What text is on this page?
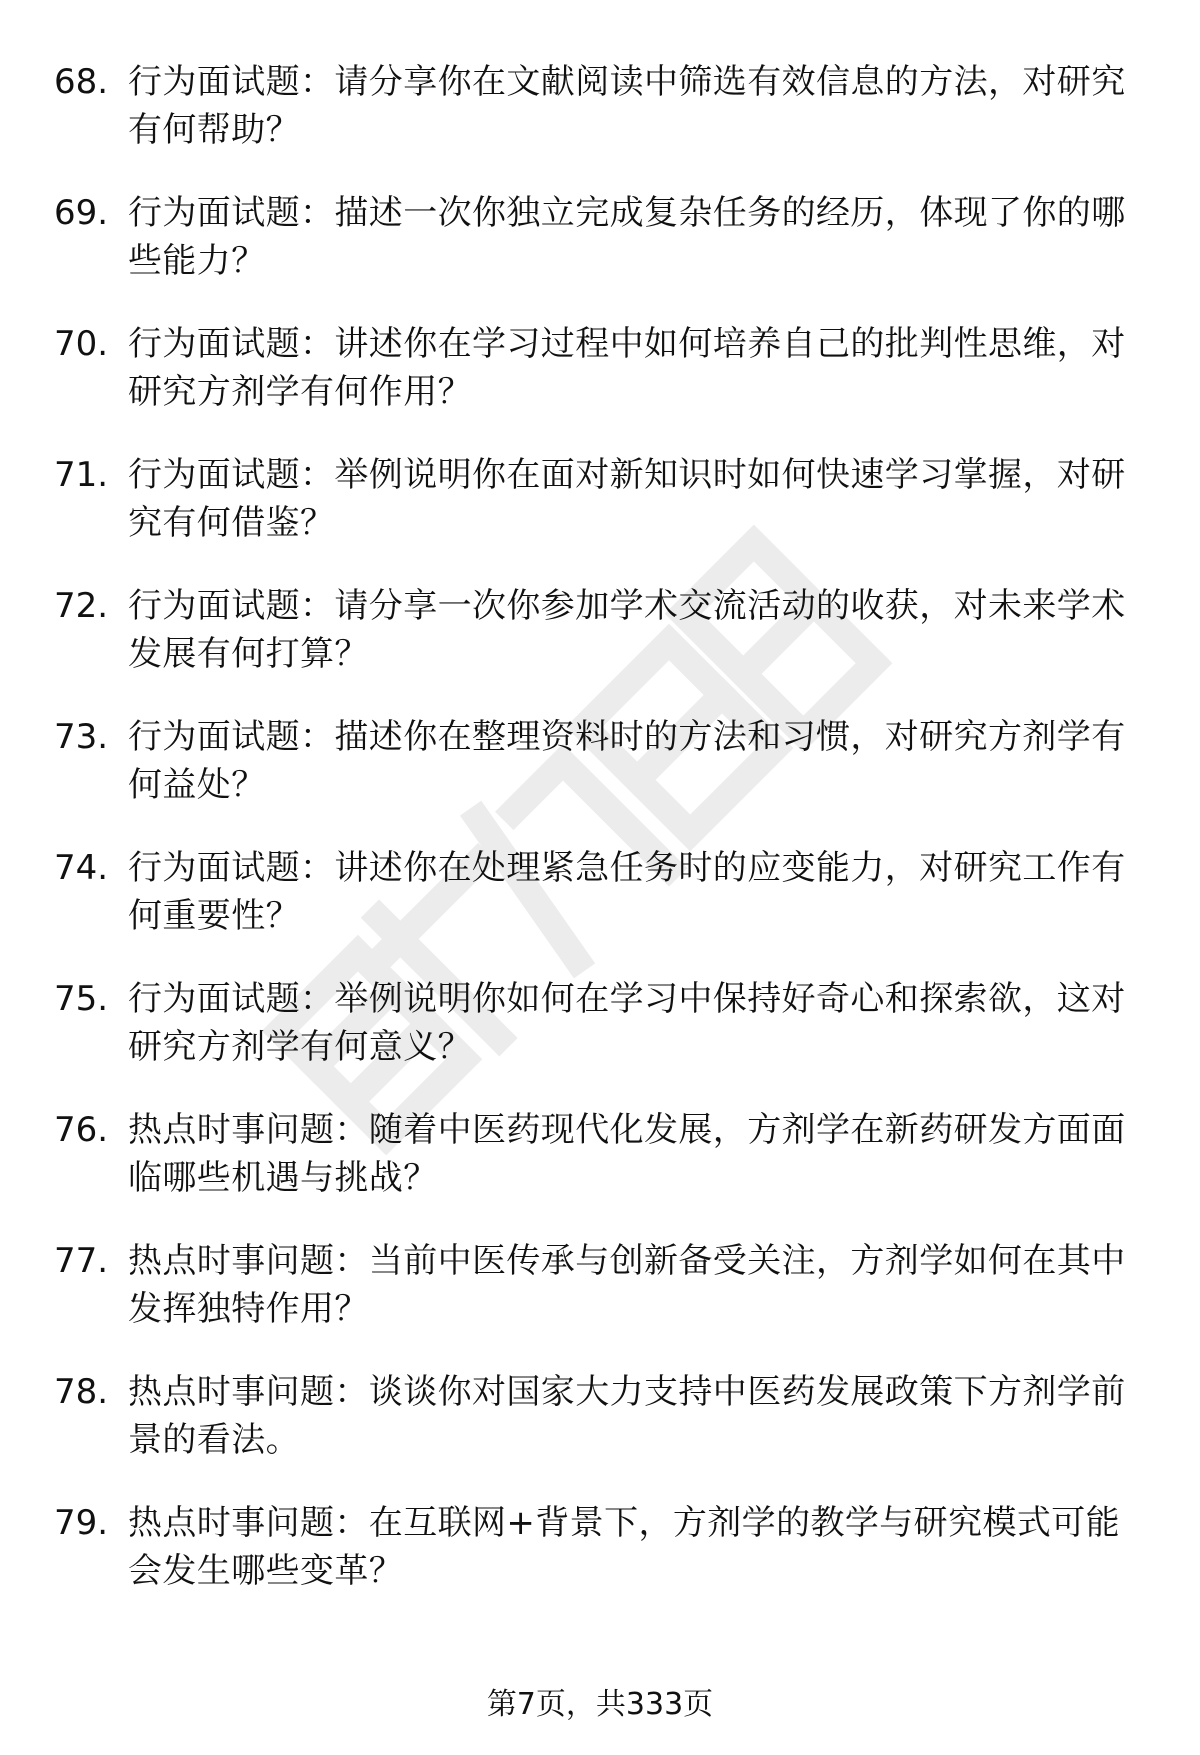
68. 行为面试题：请分享你在文献阅读中筛选有效信息的方法，对研究有何帮助？
69. 行为面试题：描述一次你独立完成复杂任务的经历，体现了你的哪些能力？
70. 行为面试题：讲述你在学习过程中如何培养自己的批判性思维，对研究方剂学有何作用？
71. 行为面试题：举例说明你在面对新知识时如何快速学习掌握，对研究有何借鉴？
72. 行为面试题：请分享一次你参加学术交流活动的收获，对未来学术发展有何打算？
73. 行为面试题：描述你在整理资料时的方法和习惯，对研究方剂学有何益处？
74. 行为面试题：讲述你在处理紧急任务时的应变能力，对研究工作有何重要性？
75. 行为面试题：举例说明你如何在学习中保持好奇心和探索欲，这对研究方剂学有何意义？
76. 热点时事问题：随着中医药现代化发展，方剂学在新药研发方面面临哪些机遇与挑战？
77. 热点时事问题：当前中医传承与创新备受关注，方剂学如何在其中发挥独特作用？
78. 热点时事问题：谈谈你对国家大力支持中医药发展政策下方剂学前景的看法。
79. 热点时事问题：在互联网+背景下，方剂学的教学与研究模式可能会发生哪些变革？
第7页，共333页
